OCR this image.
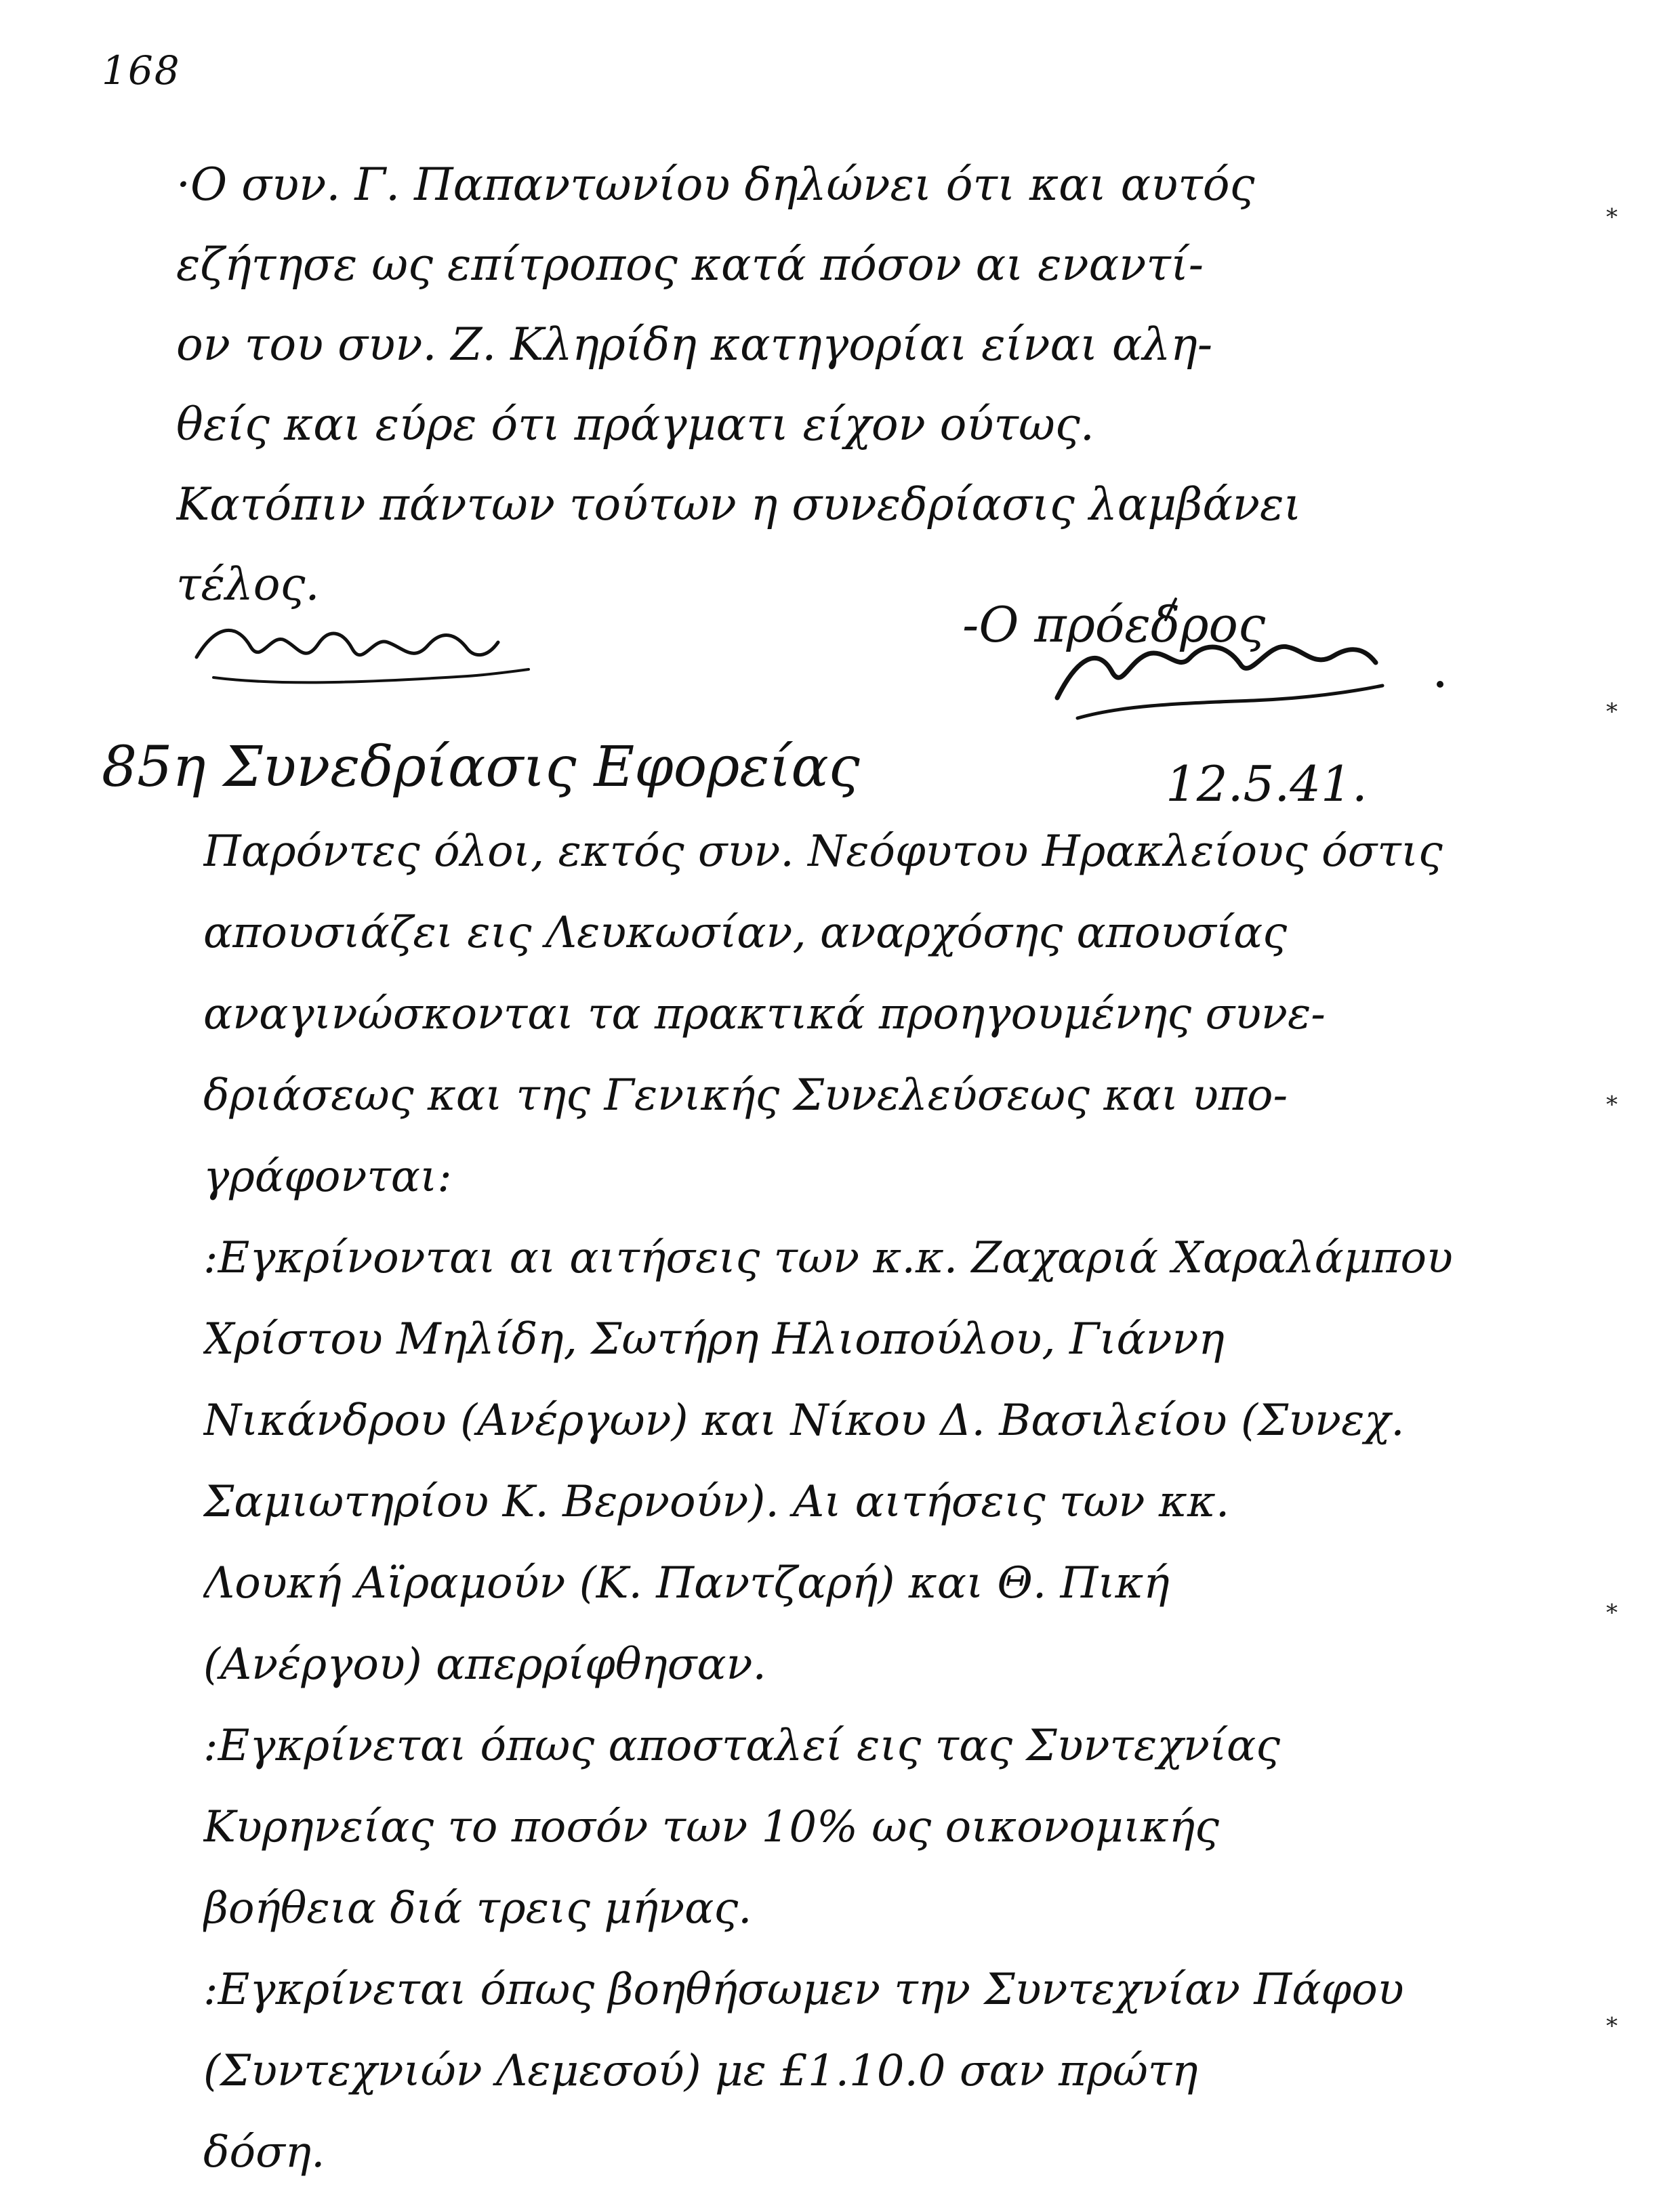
168
·Ο συν. Γ. Παπαντωνίου δηλώνει ότι και αυτός
εζήτησε ως επίτροπος κατά πόσον αι εναντί-
ον του συν. Ζ. Κληρίδη κατηγορίαι είναι αλη-
θείς και εύρε ότι πράγματι είχον ούτως.
Κατόπιν πάντων τούτων η συνεδρίασις λαμβάνει
τέλος.
-Ο πρόεδρος
85η Συνεδρίασις Εφορείας	12.5.41.
Παρόντες όλοι, εκτός συν. Νεόφυτου Ηρακλείους όστις
απουσιάζει εις Λευκωσίαν, αναρχόσης απουσίας
αναγινώσκονται τα πρακτικά προηγουμένης συνε-
δριάσεως και της Γενικής Συνελεύσεως και υπο-
γράφονται:
:Εγκρίνονται αι αιτήσεις των κ.κ. Ζαχαριά Χαραλάμπου
Χρίστου Μηλίδη, Σωτήρη Ηλιοπούλου, Γιάννη
Νικάνδρου (Ανέργων) και Νίκου Δ. Βασιλείου (Συνεχ.
Σαμιωτηρίου Κ. Βερνούν). Αι αιτήσεις των κκ.
Λουκή Αϊραμούν (Κ. Παντζαρή) και Θ. Πική
(Ανέργου) απερρίφθησαν.
:Εγκρίνεται όπως αποσταλεί εις τας Συντεχνίας
Κυρηνείας το ποσόν των 10% ως οικονομικής
βοήθεια διά τρεις μήνας.
:Εγκρίνεται όπως βοηθήσωμεν την Συντεχνίαν Πάφου
(Συντεχνιών Λεμεσού) με £1.10.0 σαν πρώτη
δόση.
⁎
⁎
⁎
⁎
⁎
